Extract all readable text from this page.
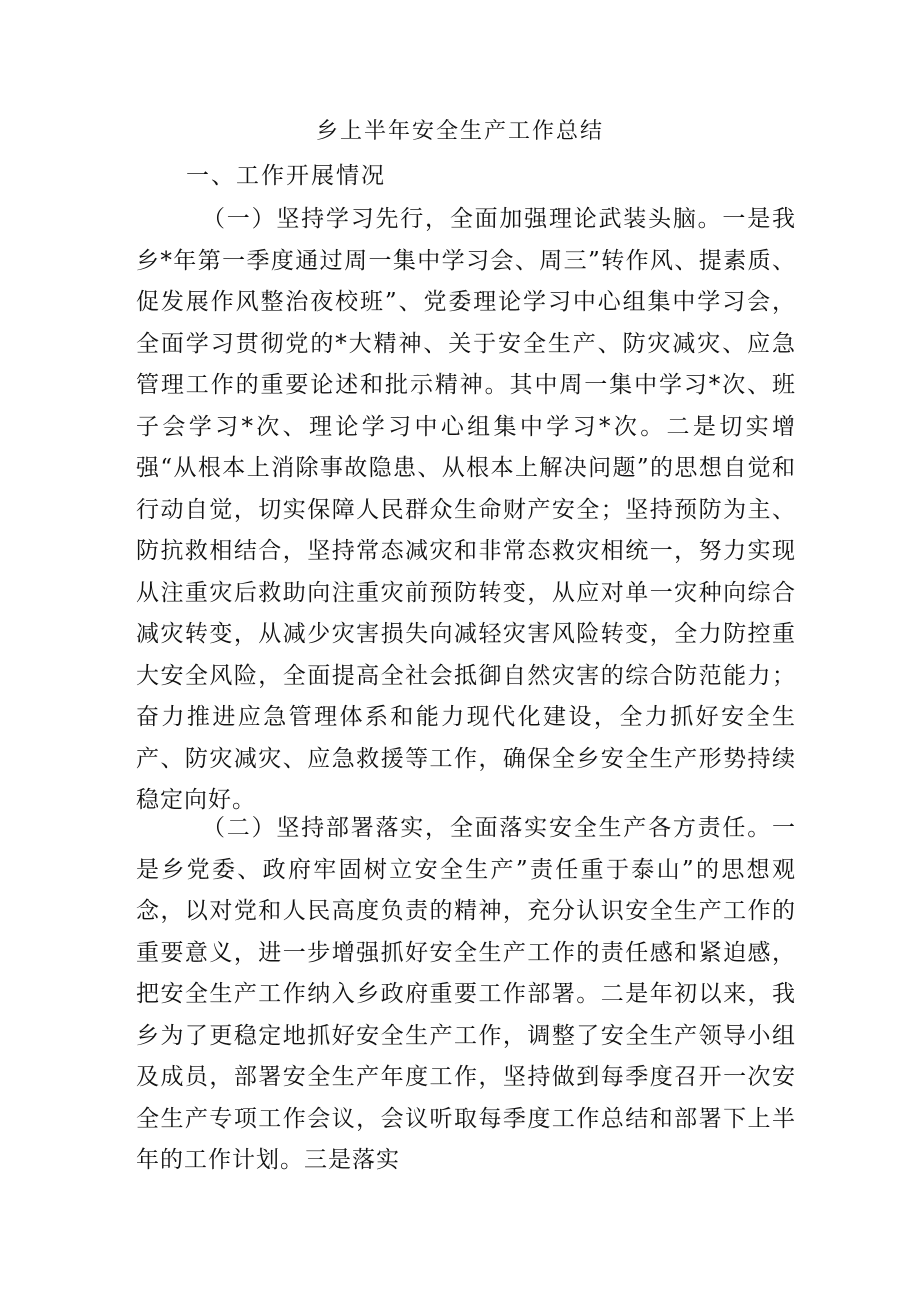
乡上半年安全生产工作总结
一、工作开展情况

（一）坚持学习先行，全面加强理论武装头脑。一是我乡*年第一季度通过周一集中学习会、周三”转作风、提素质、促发展作风整治夜校班”、党委理论学习中心组集中学习会，全面学习贯彻党的*大精神、关于安全生产、防灾减灾、应急管理工作的重要论述和批示精神。其中周一集中学习*次、班子会学习*次、理论学习中心组集中学习*次。二是切实增强“从根本上消除事故隐患、从根本上解决问题”的思想自觉和行动自觉，切实保障人民群众生命财产安全；坚持预防为主、防抗救相结合，坚持常态减灾和非常态救灾相统一，努力实现从注重灾后救助向注重灾前预防转变，从应对单一灾种向综合减灾转变，从减少灾害损失向减轻灾害风险转变，全力防控重大安全风险，全面提高全社会抵御自然灾害的综合防范能力；奋力推进应急管理体系和能力现代化建设，全力抓好安全生产、防灾减灾、应急救援等工作，确保全乡安全生产形势持续稳定向好。

（二）坚持部署落实，全面落实安全生产各方责任。一是乡党委、政府牢固树立安全生产”责任重于泰山”的思想观念，以对党和人民高度负责的精神，充分认识安全生产工作的重要意义，进一步增强抓好安全生产工作的责任感和紧迫感，把安全生产工作纳入乡政府重要工作部署。二是年初以来，我乡为了更稳定地抓好安全生产工作，调整了安全生产领导小组及成员，部署安全生产年度工作，坚持做到每季度召开一次安全生产专项工作会议，会议听取每季度工作总结和部署下上半年的工作计划。三是落实
